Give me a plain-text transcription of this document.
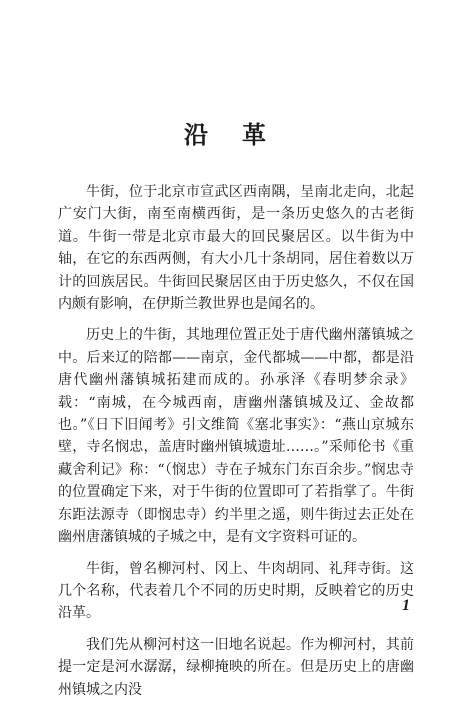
沿革

牛街，位于北京市宣武区西南隅，呈南北走向，北起广安门大街，南至南横西街，是一条历史悠久的古老街道。牛街一带是北京市最大的回民聚居区。以牛街为中轴，在它的东西两侧，有大小几十条胡同，居住着数以万计的回族居民。牛街回民聚居区由于历史悠久，不仅在国内颇有影响，在伊斯兰教世界也是闻名的。

历史上的牛街，其地理位置正处于唐代幽州藩镇城之中。后来辽的陪都——南京，金代都城——中都，都是沿唐代幽州藩镇城拓建而成的。孙承泽《春明梦余录》载：“南城，在今城西南，唐幽州藩镇城及辽、金故都也。”《日下旧闻考》引文维简《塞北事实》：“燕山京城东壁，寺名悯忠，盖唐时幽州镇城遗址……。”采师伦书《重藏舍利记》称：“（悯忠）寺在子城东门东百余步。”悯忠寺的位置确定下来，对于牛街的位置即可了若指掌了。牛街东距法源寺（即悯忠寺）约半里之遥，则牛街过去正处在幽州唐藩镇城的子城之中，是有文字资料可证的。

牛街，曾名柳河村、冈上、牛肉胡同、礼拜寺街。这几个名称，代表着几个不同的历史时期，反映着它的历史沿革。

我们先从柳河村这一旧地名说起。作为柳河村，其前提一定是河水潺潺，绿柳掩映的所在。但是历史上的唐幽州镇城之内没

1
